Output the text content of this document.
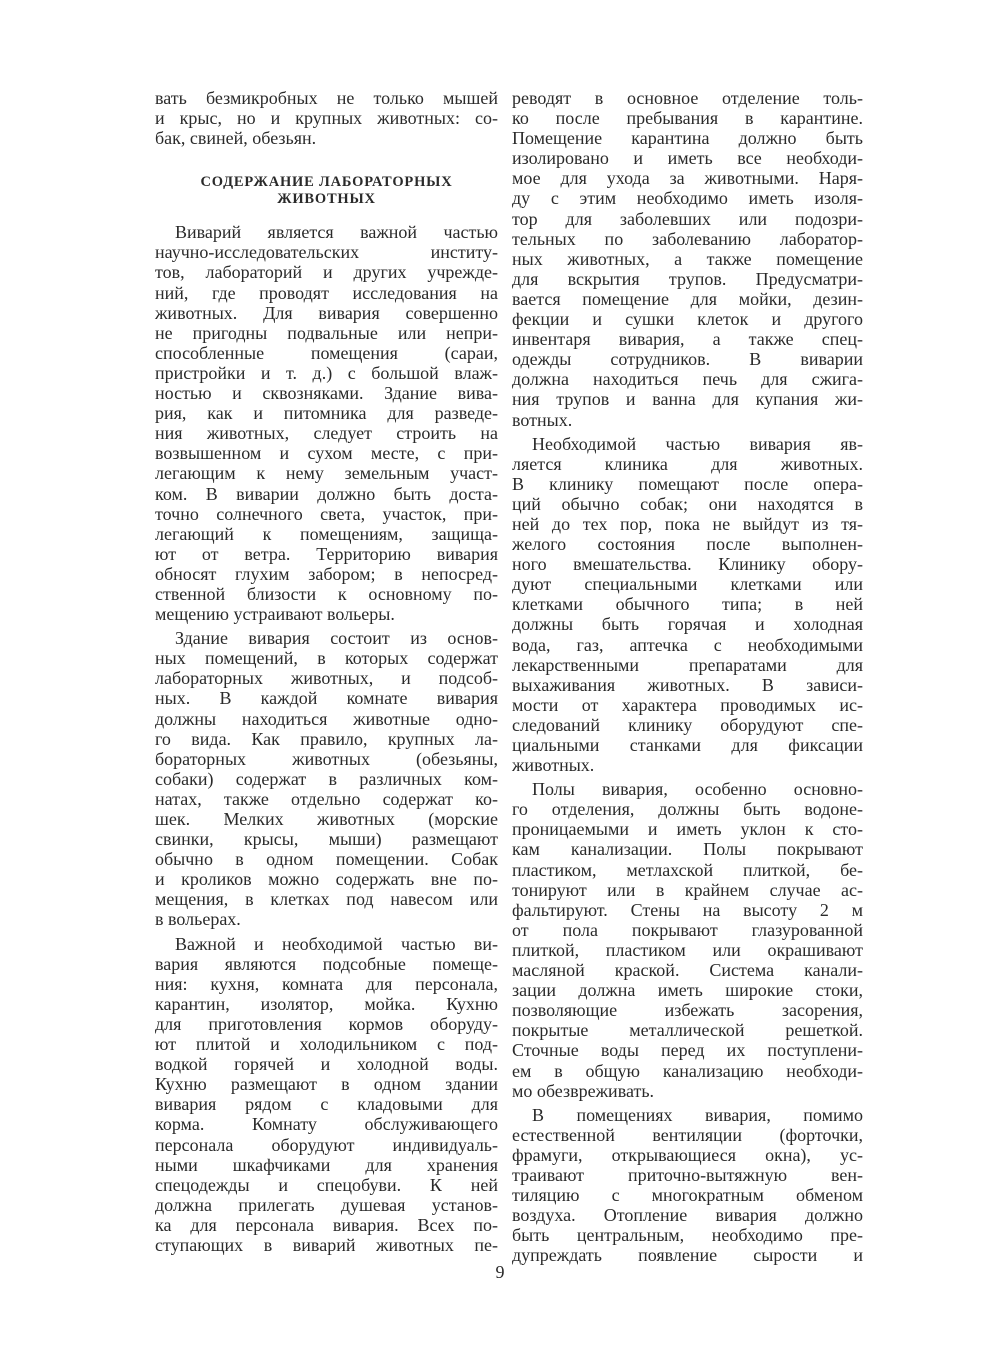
вать безмикробных не только мышей
и крыс, но и крупных животных: со-
бак, свиней, обезьян.
СОДЕРЖАНИЕ ЛАБОРАТОРНЫХ
ЖИВОТНЫХ
Виварий является важной частью
научно-исследовательских институ-
тов, лабораторий и других учрежде-
ний, где проводят исследования на
животных. Для вивария совершенно
не пригодны подвальные или непри-
способленные помещения (сараи,
пристройки и т. д.) с большой влаж-
ностью и сквозняками. Здание вива-
рия, как и питомника для разведе-
ния животных, следует строить на
возвышенном и сухом месте, с при-
легающим к нему земельным участ-
ком. В виварии должно быть доста-
точно солнечного света, участок, при-
легающий к помещениям, защища-
ют от ветра. Территорию вивария
обносят глухим забором; в непосред-
ственной близости к основному по-
мещению устраивают вольеры.
Здание вивария состоит из основ-
ных помещений, в которых содержат
лабораторных животных, и подсоб-
ных. В каждой комнате вивария
должны находиться животные одно-
го вида. Как правило, крупных ла-
бораторных животных (обезьяны,
собаки) содержат в различных ком-
натах, также отдельно содержат ко-
шек. Мелких животных (морские
свинки, крысы, мыши) размещают
обычно в одном помещении. Собак
и кроликов можно содержать вне по-
мещения, в клетках под навесом или
в вольерах.
Важной и необходимой частью ви-
вария являются подсобные помеще-
ния: кухня, комната для персонала,
карантин, изолятор, мойка. Кухню
для приготовления кормов оборуду-
ют плитой и холодильником с под-
водкой горячей и холодной воды.
Кухню размещают в одном здании
вивария рядом с кладовыми для
корма. Комнату обслуживающего
персонала оборудуют индивидуаль-
ными шкафчиками для хранения
спецодежды и спецобуви. К ней
должна прилегать душевая установ-
ка для персонала вивария. Всех по-
ступающих в виварий животных пе-
реводят в основное отделение толь-
ко после пребывания в карантине.
Помещение карантина должно быть
изолировано и иметь все необходи-
мое для ухода за животными. Наря-
ду с этим необходимо иметь изоля-
тор для заболевших или подозри-
тельных по заболеванию лаборатор-
ных животных, а также помещение
для вскрытия трупов. Предусматри-
вается помещение для мойки, дезин-
фекции и сушки клеток и другого
инвентаря вивария, а также спец-
одежды сотрудников. В виварии
должна находиться печь для сжига-
ния трупов и ванна для купания жи-
вотных.
Необходимой частью вивария яв-
ляется клиника для животных.
В клинику помещают после опера-
ций обычно собак; они находятся в
ней до тех пор, пока не выйдут из тя-
желого состояния после выполнен-
ного вмешательства. Клинику обору-
дуют специальными клетками или
клетками обычного типа; в ней
должны быть горячая и холодная
вода, газ, аптечка с необходимыми
лекарственными препаратами для
выхаживания животных. В зависи-
мости от характера проводимых ис-
следований клинику оборудуют спе-
циальными станками для фиксации
животных.
Полы вивария, особенно основно-
го отделения, должны быть водоне-
проницаемыми и иметь уклон к сто-
кам канализации. Полы покрывают
пластиком, метлахской плиткой, бе-
тонируют или в крайнем случае ас-
фальтируют. Стены на высоту 2 м
от пола покрывают глазурованной
плиткой, пластиком или окрашивают
масляной краской. Система канали-
зации должна иметь широкие стоки,
позволяющие избежать засорения,
покрытые металлической решеткой.
Сточные воды перед их поступлени-
ем в общую канализацию необходи-
мо обезвреживать.
В помещениях вивария, помимо
естественной вентиляции (форточки,
фрамуги, открывающиеся окна), ус-
траивают приточно-вытяжную вен-
тиляцию с многократным обменом
воздуха. Отопление вивария должно
быть центральным, необходимо пре-
дупреждать появление сырости и
9
